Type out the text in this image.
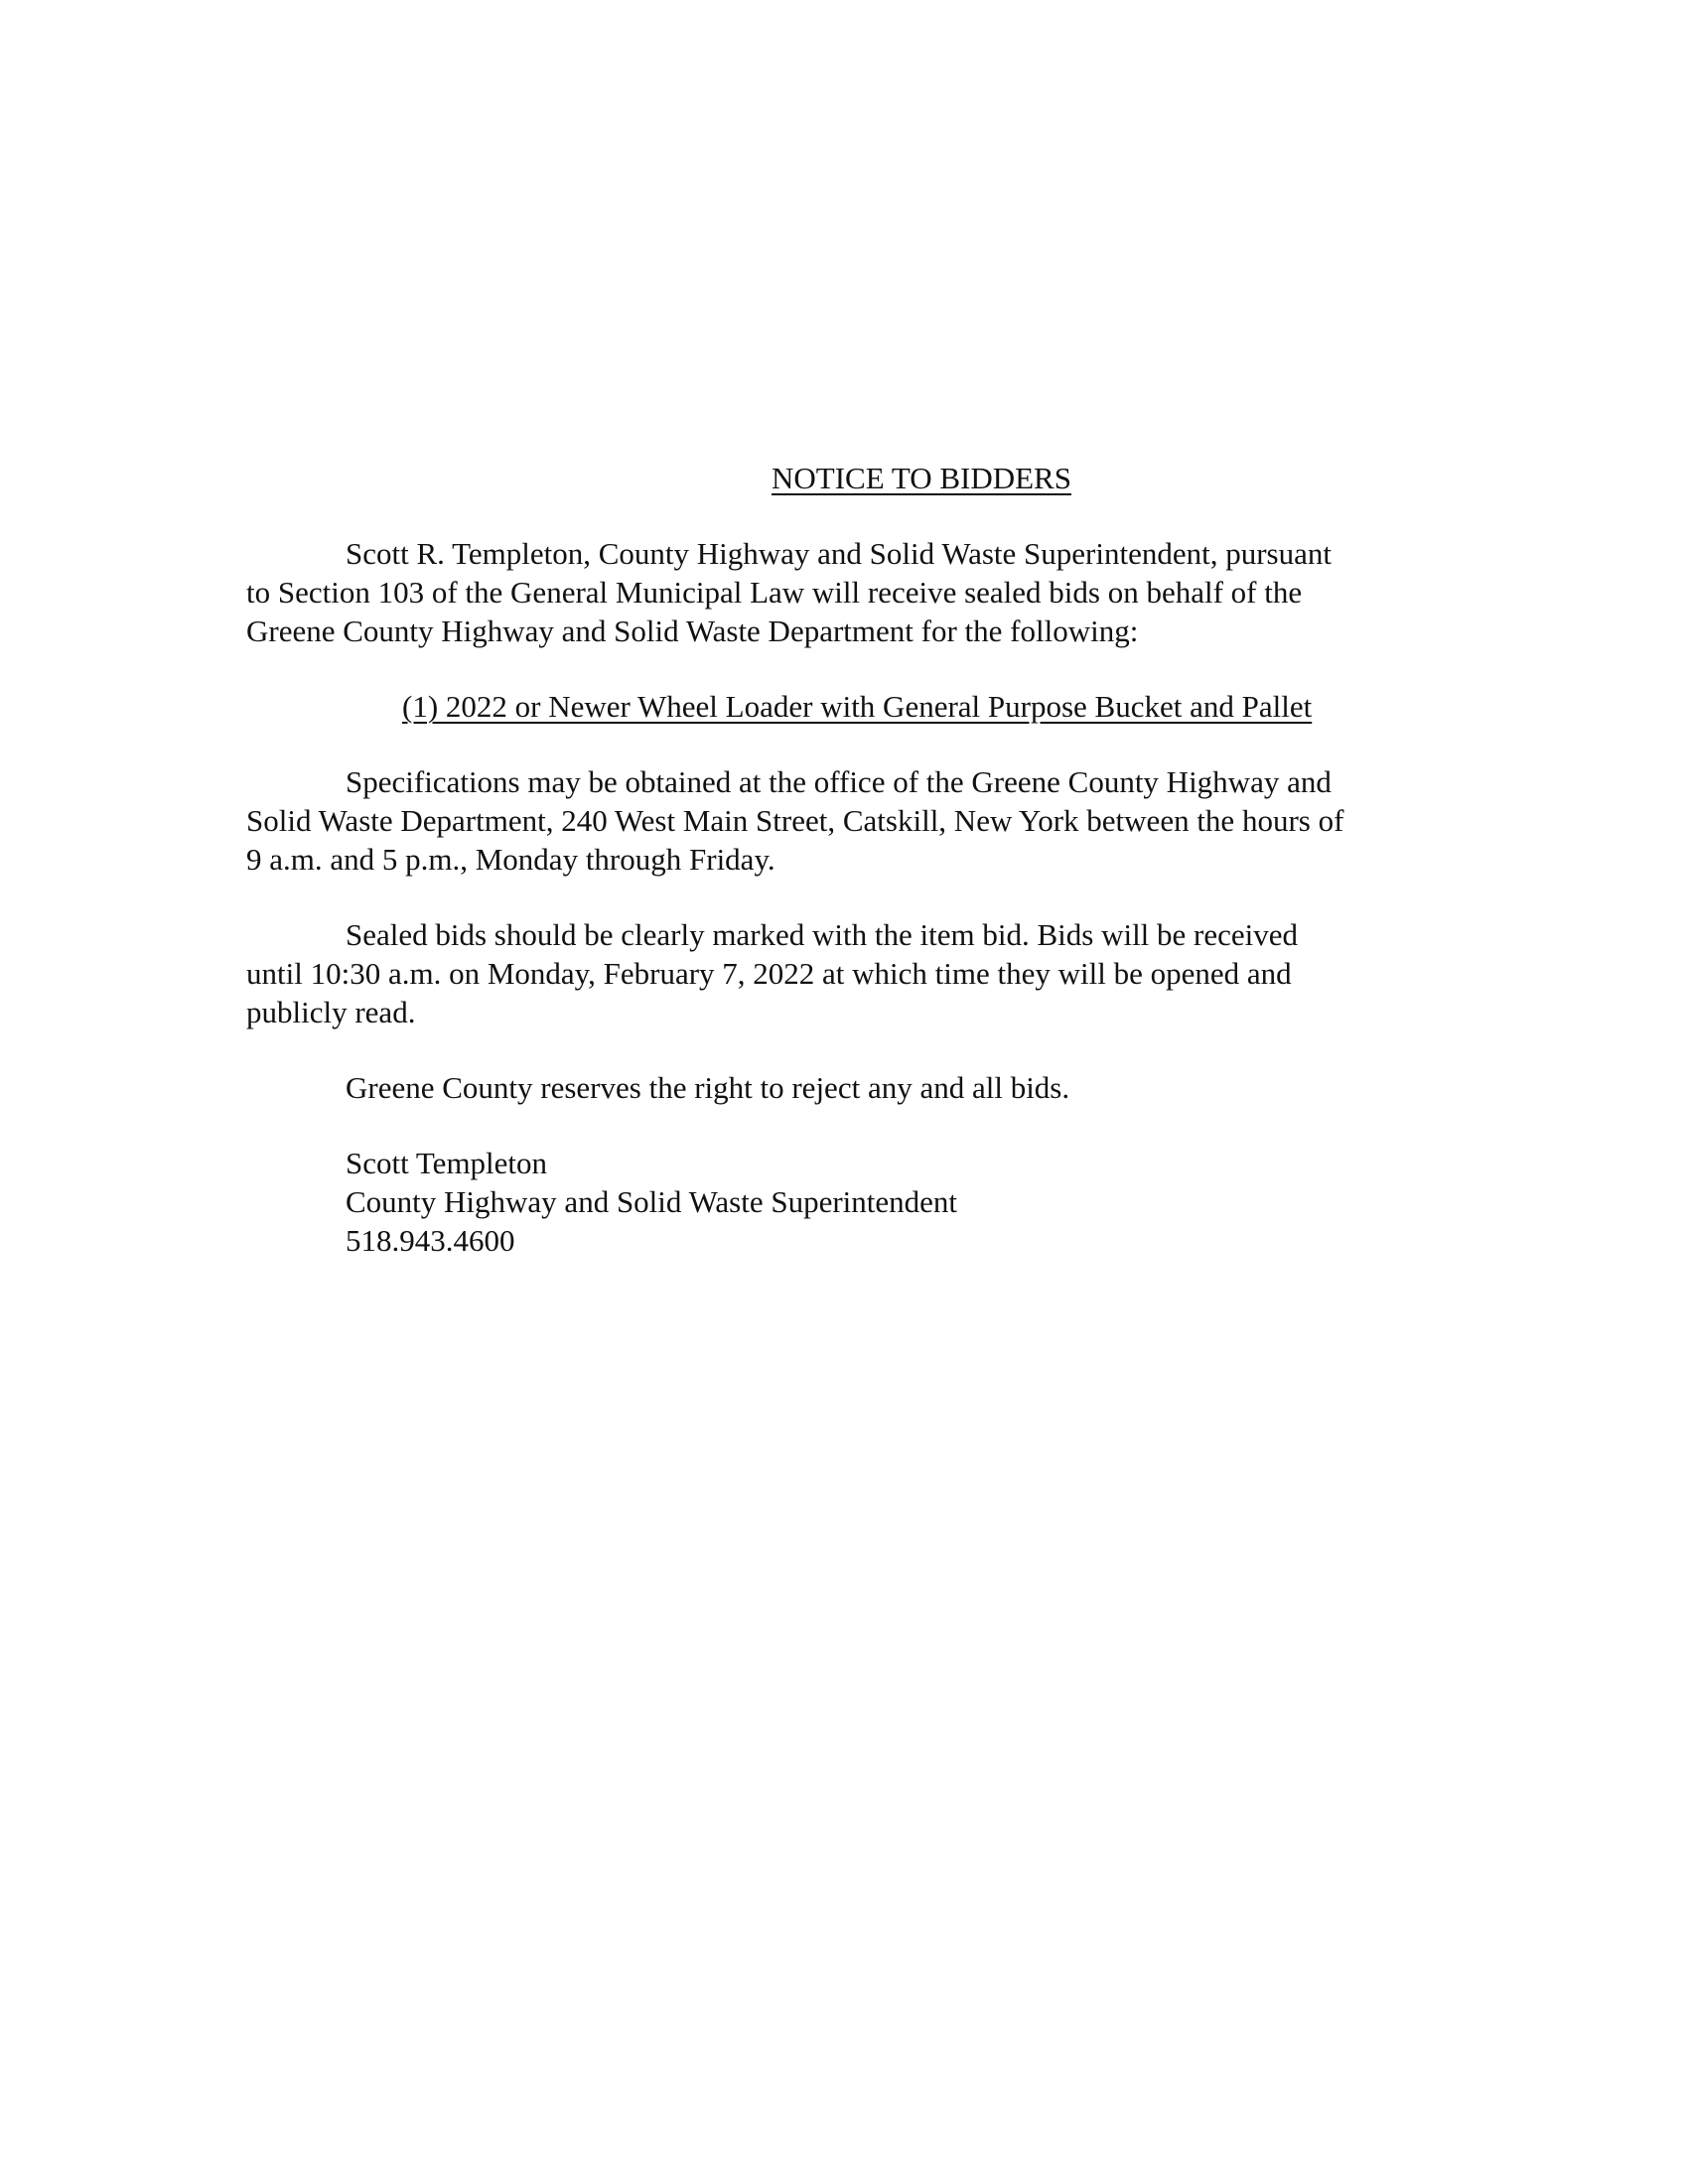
NOTICE TO BIDDERS

Scott R. Templeton, County Highway and Solid Waste Superintendent, pursuant
to Section 103 of the General Municipal Law will receive sealed bids on behalf of the
Greene County Highway and Solid Waste Department for the following:

(1) 2022 or Newer Wheel Loader with General Purpose Bucket and Pallet

Specifications may be obtained at the office of the Greene County Highway and
Solid Waste Department, 240 West Main Street, Catskill, New York between the hours of
9 a.m. and 5 p.m., Monday through Friday.

Sealed bids should be clearly marked with the item bid. Bids will be received
until 10:30 a.m. on Monday, February 7, 2022 at which time they will be opened and
publicly read.

Greene County reserves the right to reject any and all bids.

Scott Templeton
County Highway and Solid Waste Superintendent
518.943.4600
